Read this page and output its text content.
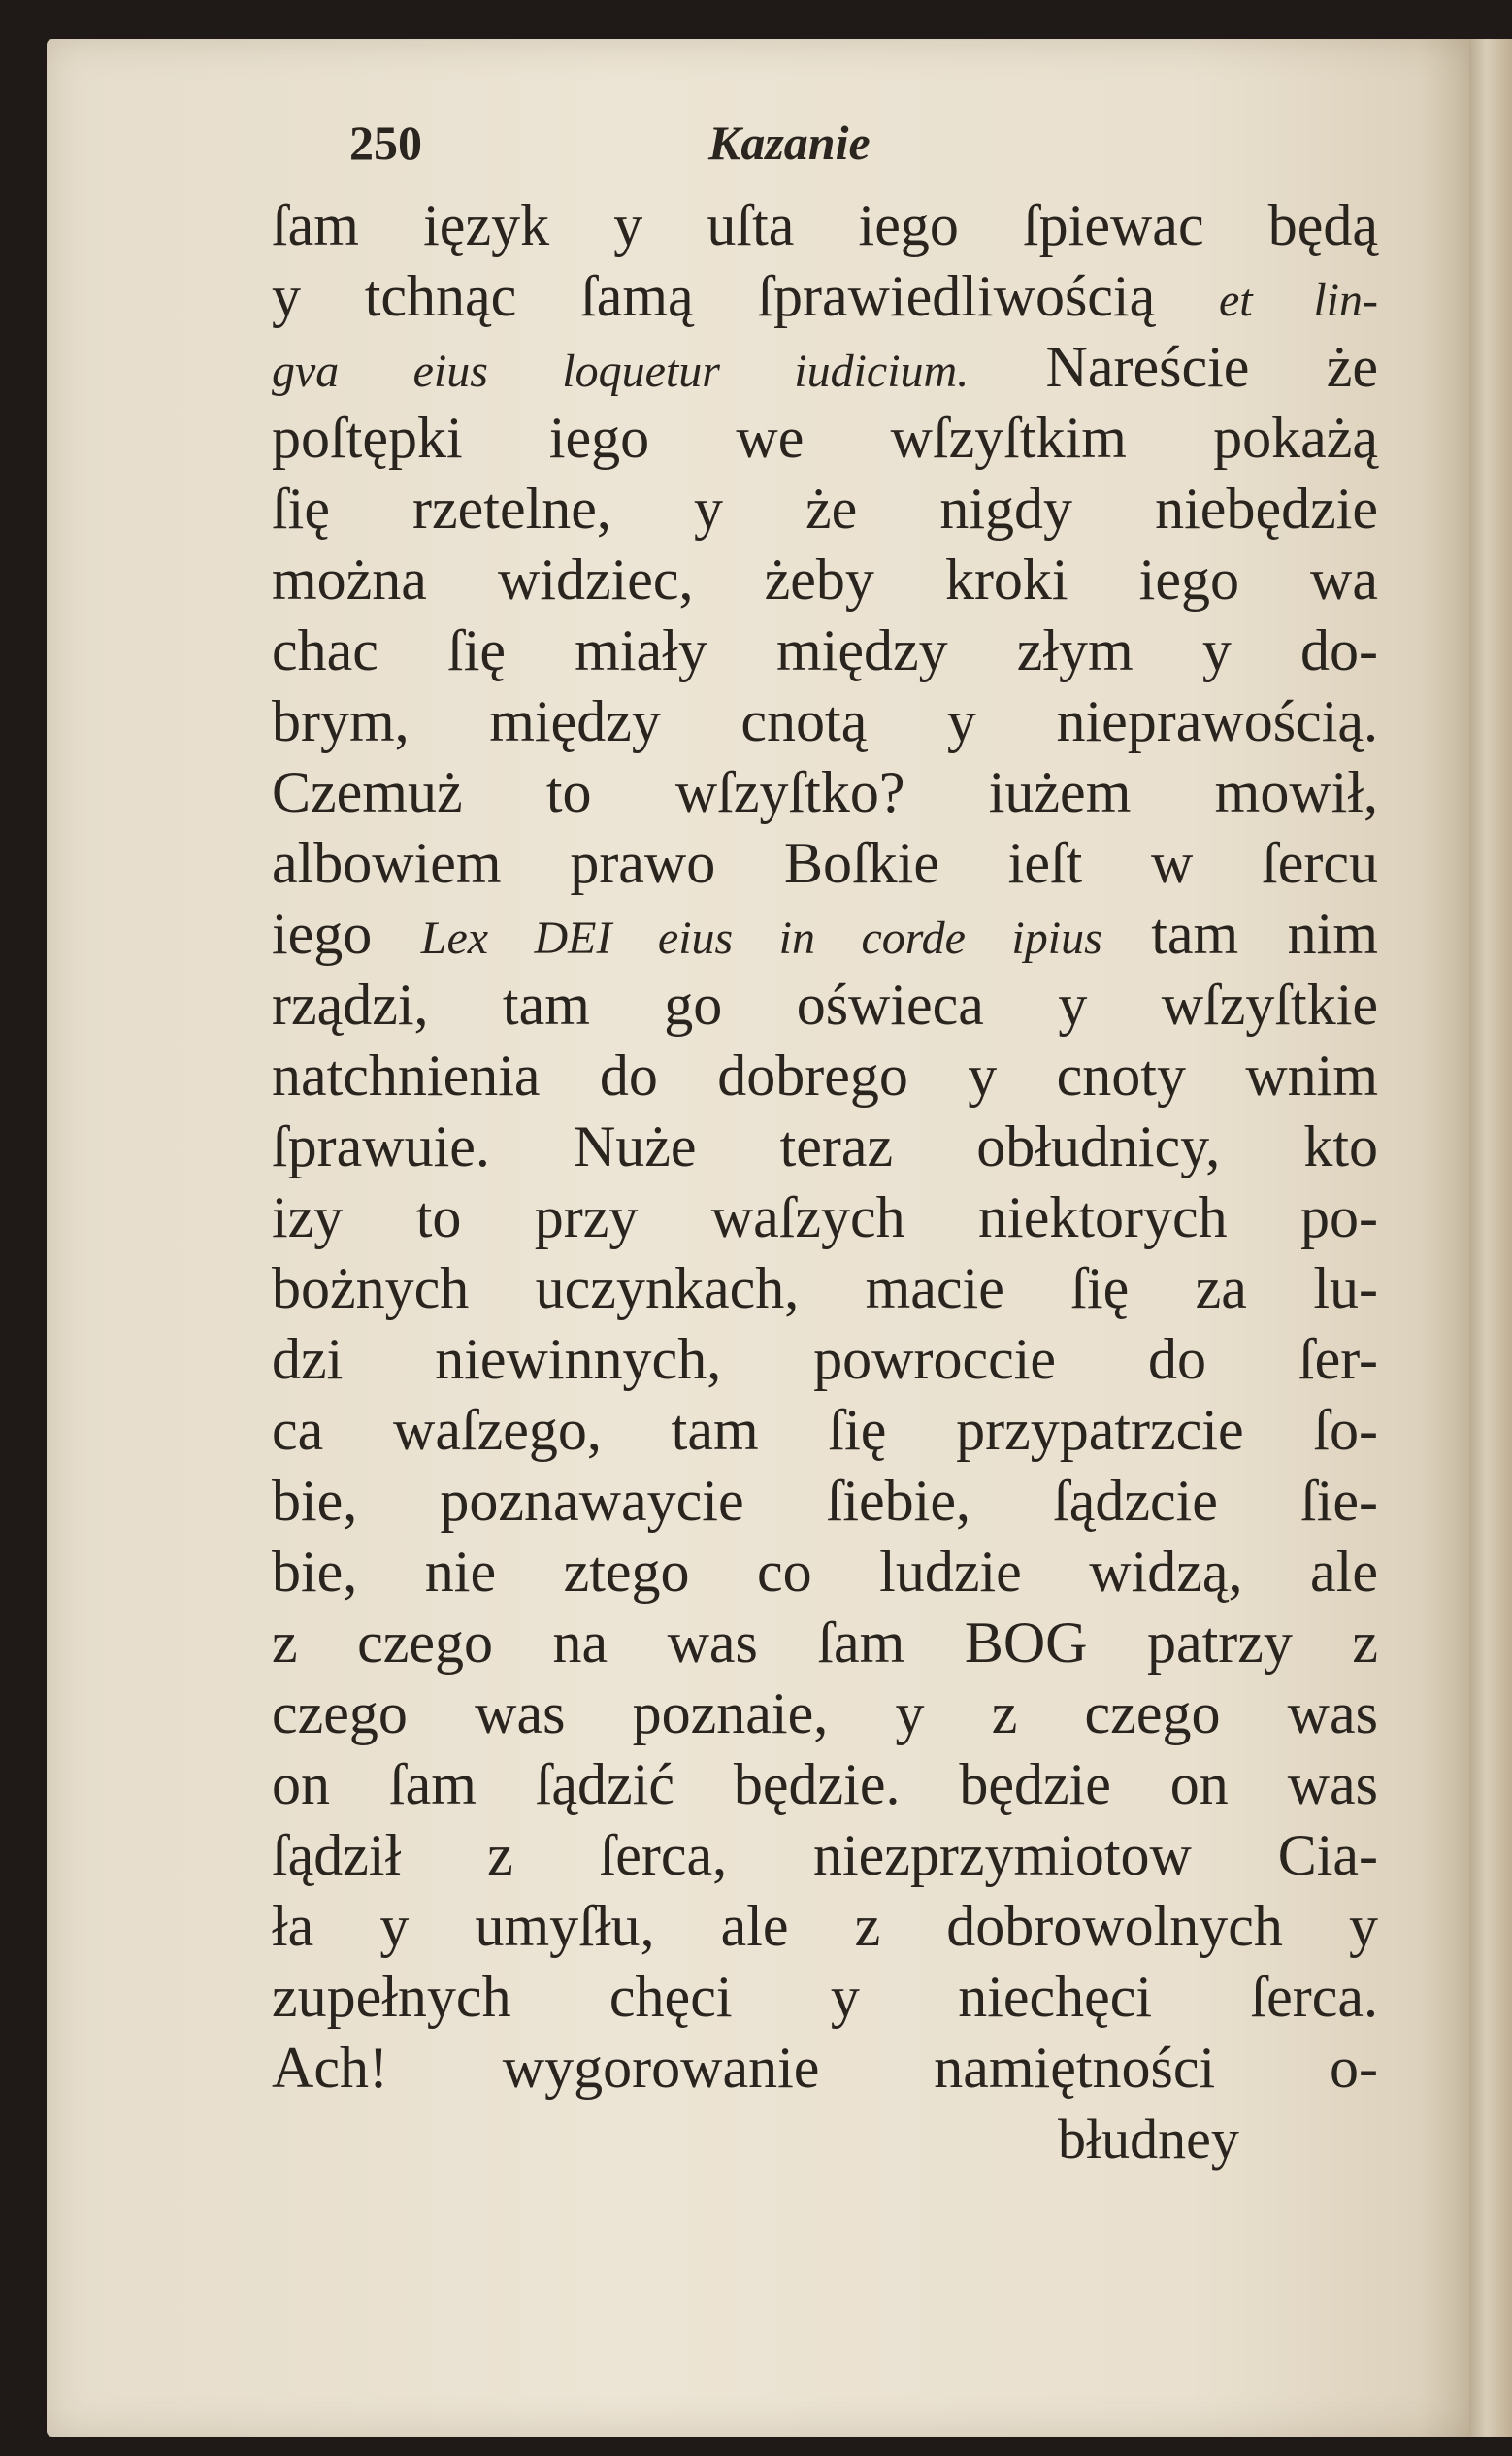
250	Kazanie
ſam ięzyk y uſta iego ſpiewac będą
y tchnąc ſamą ſprawiedliwością et lin-
gva eius loquetur iudicium. Nareście że
poſtępki iego we wſzyſtkim pokażą
ſię rzetelne, y że nigdy niebędzie
można widziec, żeby kroki iego wa
chac ſię miały między złym y do-
brym, między cnotą y nieprawością.
Czemuż to wſzyſtko? iużem mowił,
albowiem prawo Boſkie ieſt w ſercu
iego Lex DEI eius in corde ipius tam nim
rządzi, tam go oświeca y wſzyſtkie
natchnienia do dobrego y cnoty wnim
ſprawuie. Nuże teraz obłudnicy, kto
izy to przy waſzych niektorych po-
bożnych uczynkach, macie ſię za lu-
dzi niewinnych, powroccie do ſer-
ca waſzego, tam ſię przypatrzcie ſo-
bie, poznawaycie ſiebie, ſądzcie ſie-
bie, nie ztego co ludzie widzą, ale
z czego na was ſam BOG patrzy z
czego was poznaie, y z czego was
on ſam ſądzić będzie. będzie on was
ſądził z ſerca, niezprzymiotow Cia-
ła y umyſłu, ale z dobrowolnych y
zupełnych chęci y niechęci ſerca.
Ach! wygorowanie namiętności o-
błudney
